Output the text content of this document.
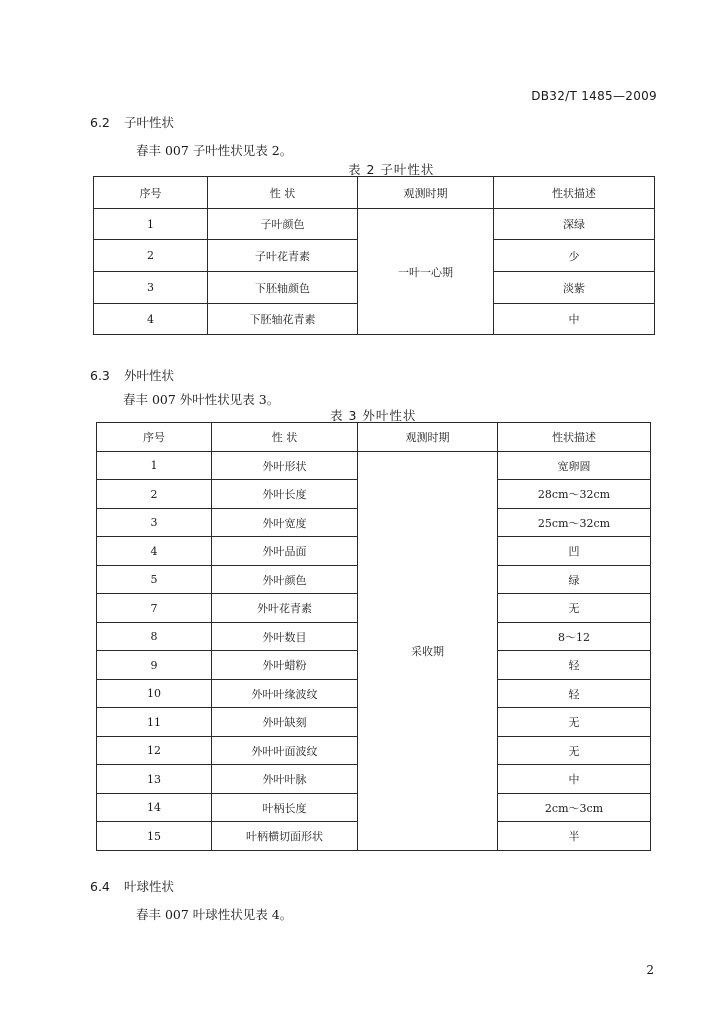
DB32/T 1485—2009
6.2 子叶性状
春丰 007 子叶性状见表 2。
表 2 子叶性状
序号	性 状	观测时期	性状描述
1	子叶颜色	一叶一心期	深绿
2	子叶花青素		少
3	下胚轴颜色		淡紫
4	下胚轴花青素		中
6.3 外叶性状
春丰 007 外叶性状见表 3。
表 3 外叶性状
序号	性 状	观测时期	性状描述
1	外叶形状	采收期	宽卵圆
2	外叶长度		28cm～32cm
3	外叶宽度		25cm～32cm
4	外叶品面		凹
5	外叶颜色		绿
7	外叶花青素		无
8	外叶数目		8～12
9	外叶蜡粉		轻
10	外叶叶缘波纹		轻
11	外叶缺刻		无
12	外叶叶面波纹		无
13	外叶叶脉		中
14	叶柄长度		2cm～3cm
15	叶柄横切面形状		半
6.4 叶球性状
春丰 007 叶球性状见表 4。
2
